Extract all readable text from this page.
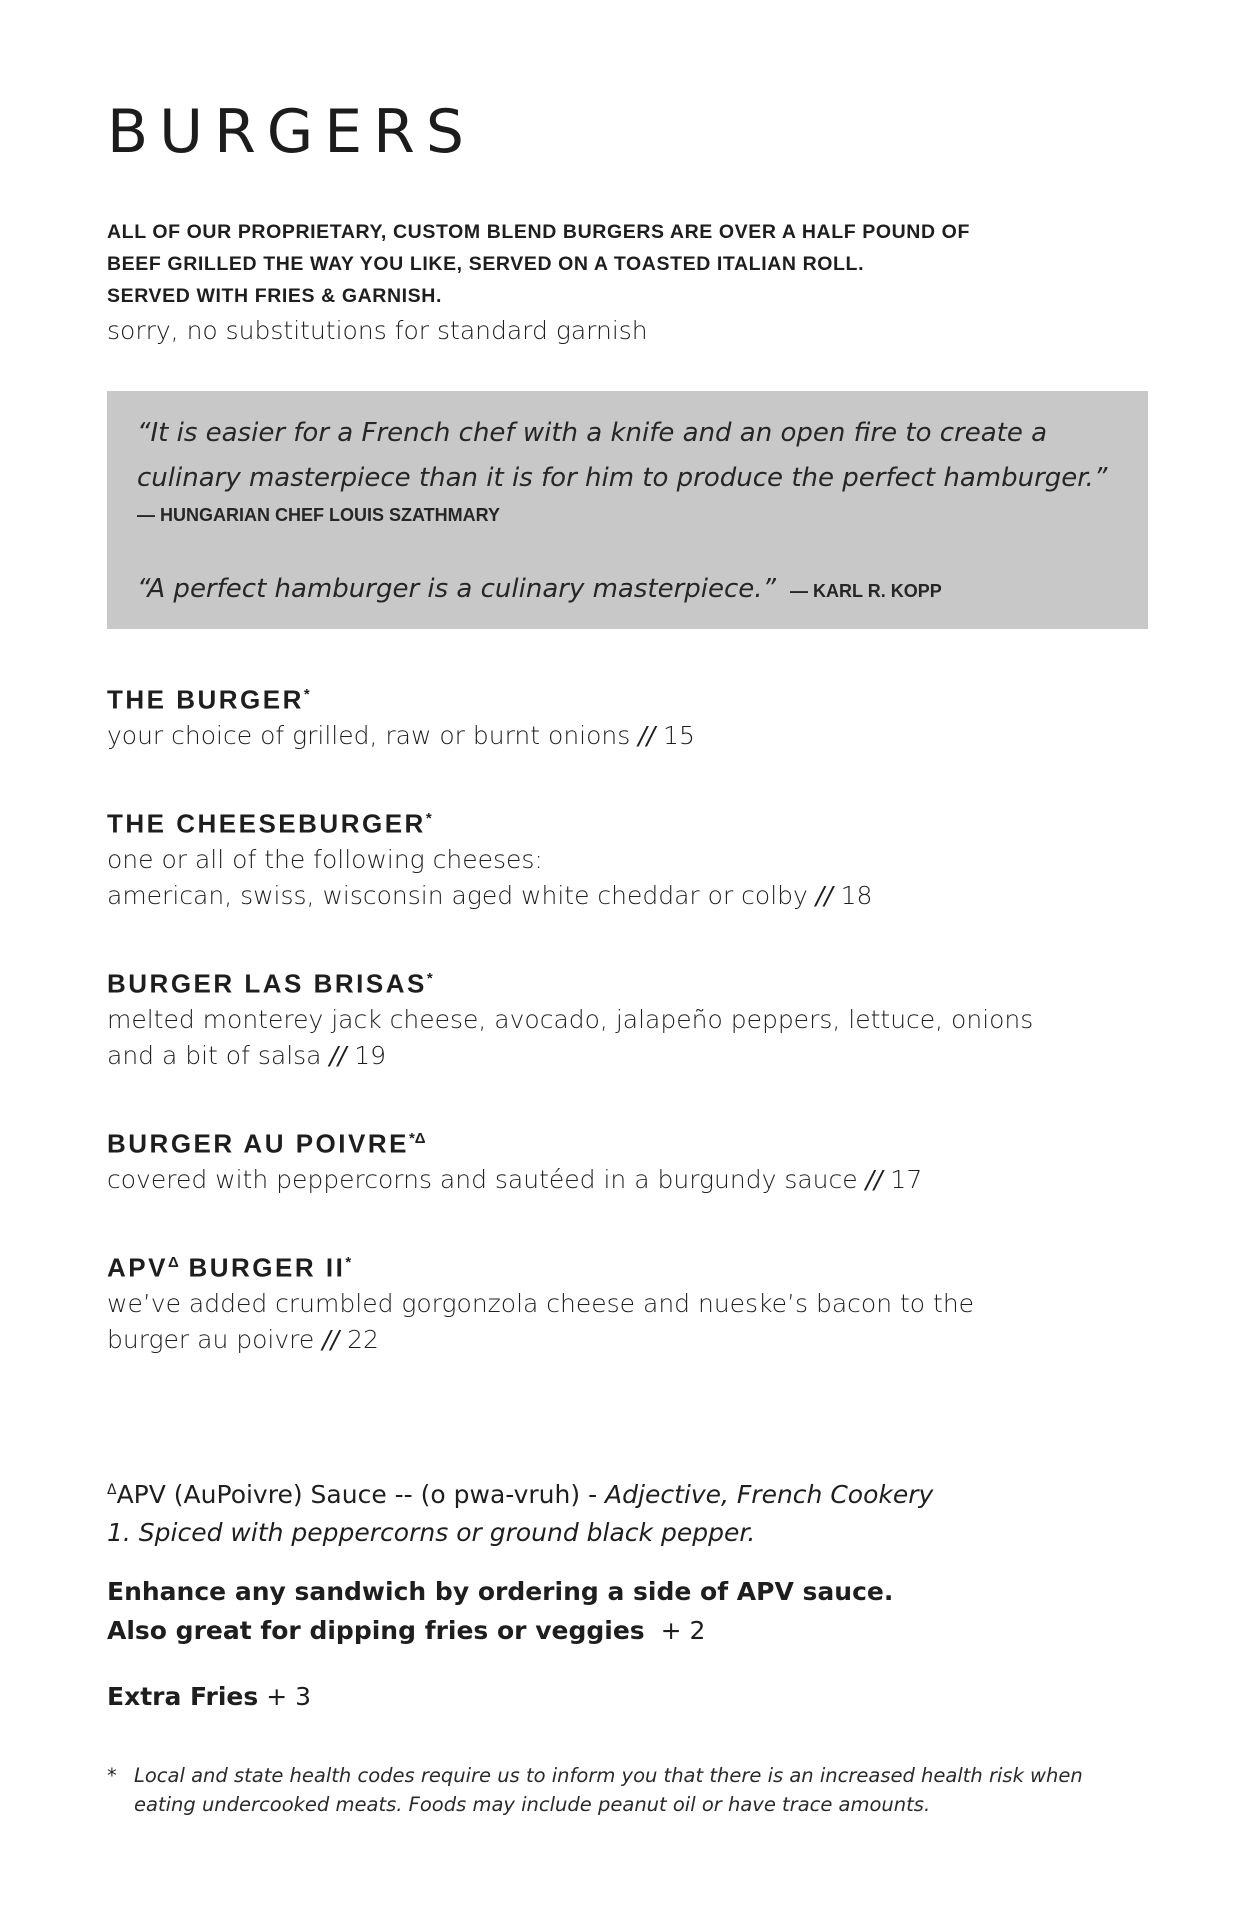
BURGERS
ALL OF OUR PROPRIETARY, CUSTOM BLEND BURGERS ARE OVER A HALF POUND OF
BEEF GRILLED THE WAY YOU LIKE, SERVED ON A TOASTED ITALIAN ROLL.
SERVED WITH FRIES & GARNISH.
sorry, no substitutions for standard garnish
“It is easier for a French chef with a knife and an open fire to create a culinary masterpiece than it is for him to produce the perfect hamburger.”
— HUNGARIAN CHEF LOUIS SZATHMARY
“A perfect hamburger is a culinary masterpiece.” — KARL R. KOPP
THE BURGER*
your choice of grilled, raw or burnt onions // 15
THE CHEESEBURGER*
one or all of the following cheeses:
american, swiss, wisconsin aged white cheddar or colby // 18
BURGER LAS BRISAS*
melted monterey jack cheese, avocado, jalapeño peppers, lettuce, onions
and a bit of salsa // 19
BURGER AU $POIVRE^{*\Delta}$
covered with peppercorns and sautéed in a burgundy sauce // 17
$APV^\Delta$ BURGER II*
we’ve added crumbled gorgonzola cheese and nueske’s bacon to the
burger au poivre // 22
$^\Delta$APV (AuPoivre) Sauce -- (o pwa-vruh) - Adjective, French Cookery
1. Spiced with peppercorns or ground black pepper.
Enhance any sandwich by ordering a side of APV sauce.
Also great for dipping fries or veggies + 2
Extra Fries + 3
* Local and state health codes require us to inform you that there is an increased health risk when eating undercooked meats. Foods may include peanut oil or have trace amounts.
